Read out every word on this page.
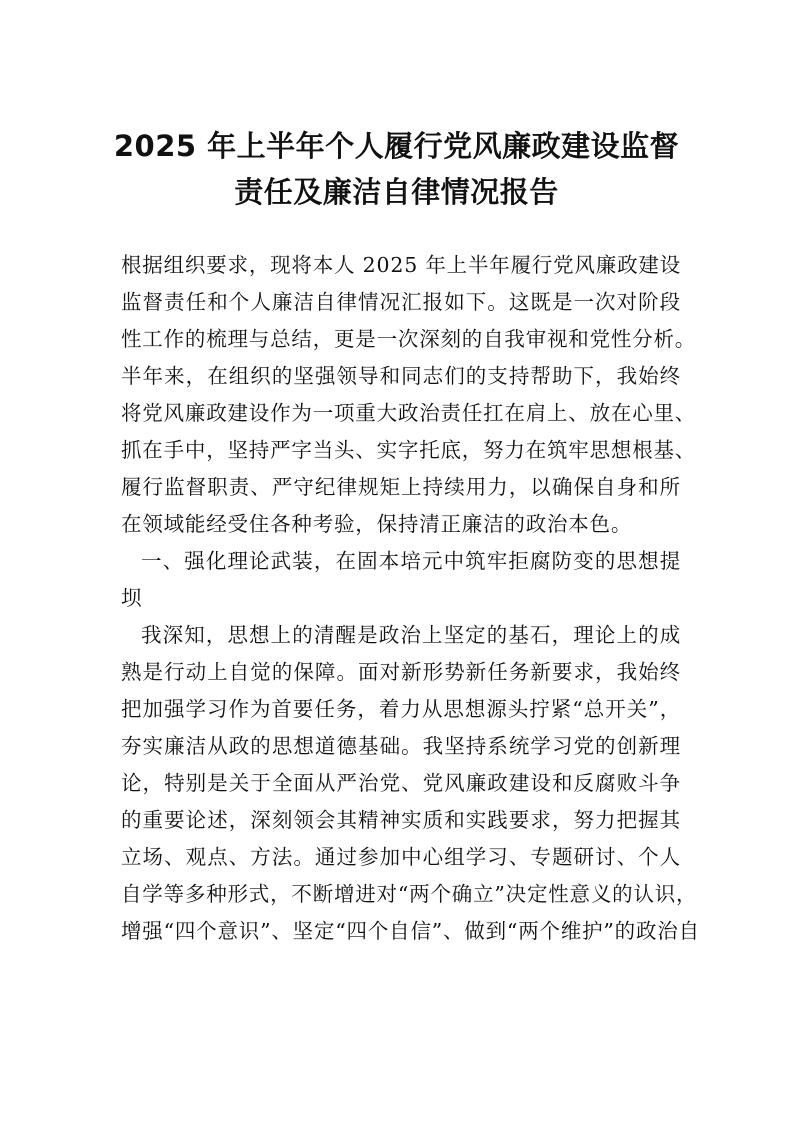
2025 年上半年个人履行党风廉政建设监督
责任及廉洁自律情况报告
根据组织要求，现将本人 2025 年上半年履行党风廉政建设
监督责任和个人廉洁自律情况汇报如下。这既是一次对阶段
性工作的梳理与总结，更是一次深刻的自我审视和党性分析。
半年来，在组织的坚强领导和同志们的支持帮助下，我始终
将党风廉政建设作为一项重大政治责任扛在肩上、放在心里、
抓在手中，坚持严字当头、实字托底，努力在筑牢思想根基、
履行监督职责、严守纪律规矩上持续用力，以确保自身和所
在领域能经受住各种考验，保持清正廉洁的政治本色。
一、强化理论武装，在固本培元中筑牢拒腐防变的思想提
坝
我深知，思想上的清醒是政治上坚定的基石，理论上的成
熟是行动上自觉的保障。面对新形势新任务新要求，我始终
把加强学习作为首要任务，着力从思想源头拧紧“总开关”，
夯实廉洁从政的思想道德基础。我坚持系统学习党的创新理
论，特别是关于全面从严治党、党风廉政建设和反腐败斗争
的重要论述，深刻领会其精神实质和实践要求，努力把握其
立场、观点、方法。通过参加中心组学习、专题研讨、个人
自学等多种形式，不断增进对“两个确立”决定性意义的认识，
增强“四个意识”、坚定“四个自信”、做到“两个维护”的政治自
